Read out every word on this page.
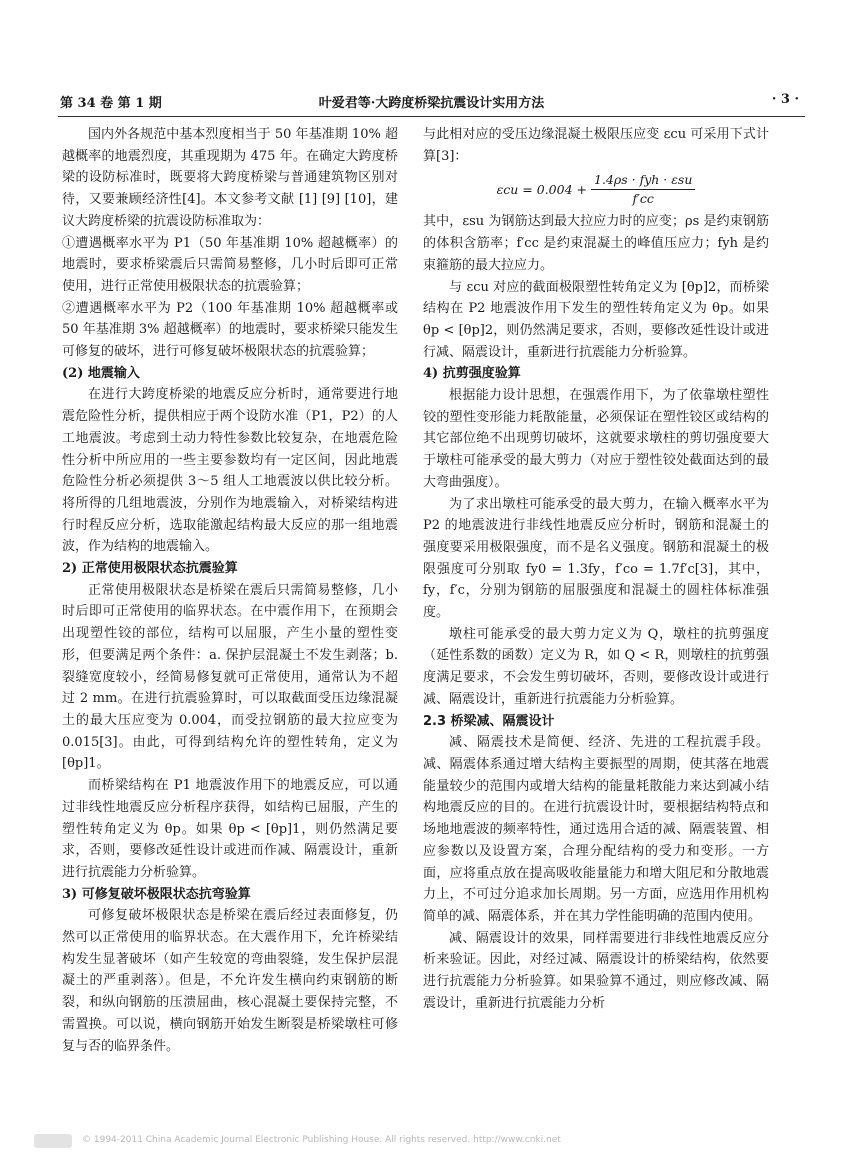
第 34 卷 第 1 期	叶爱君等·大跨度桥梁抗震设计实用方法	· 3 ·

国内外各规范中基本烈度相当于 50 年基准期 10% 超越概率的地震烈度，其重现期为 475 年。在确定大跨度桥梁的设防标准时，既要将大跨度桥梁与普通建筑物区别对待，又要兼顾经济性[4]。本文参考文献 [1] [9] [10]，建议大跨度桥梁的抗震设防标准取为：

①遭遇概率水平为 P1（50 年基准期 10% 超越概率）的地震时，要求桥梁震后只需简易整修，几小时后即可正常使用，进行正常使用极限状态的抗震验算；

②遭遇概率水平为 P2（100 年基准期 10% 超越概率或 50 年基准期 3% 超越概率）的地震时，要求桥梁只能发生可修复的破坏，进行可修复破坏极限状态的抗震验算；

(2) 地震输入

在进行大跨度桥梁的地震反应分析时，通常要进行地震危险性分析，提供相应于两个设防水准（P1，P2）的人工地震波。考虑到土动力特性参数比较复杂，在地震危险性分析中所应用的一些主要参数均有一定区间，因此地震危险性分析必须提供 3～5 组人工地震波以供比较分析。将所得的几组地震波，分别作为地震输入，对桥梁结构进行时程反应分析，选取能激起结构最大反应的那一组地震波，作为结构的地震输入。

2) 正常使用极限状态抗震验算

正常使用极限状态是桥梁在震后只需简易整修，几小时后即可正常使用的临界状态。在中震作用下，在预期会出现塑性铰的部位，结构可以屈服，产生小量的塑性变形，但要满足两个条件：a. 保护层混凝土不发生剥落；b. 裂缝宽度较小，经简易修复就可正常使用，通常认为不超过 2 mm。在进行抗震验算时，可以取截面受压边缘混凝土的最大压应变为 0.004，而受拉钢筋的最大拉应变为 0.015[3]。由此，可得到结构允许的塑性转角，定义为 [θp]1。

而桥梁结构在 P1 地震波作用下的地震反应，可以通过非线性地震反应分析程序获得，如结构已屈服，产生的塑性转角定义为 θp。如果 θp < [θp]1，则仍然满足要求，否则，要修改延性设计或进而作减、隔震设计，重新进行抗震能力分析验算。

3) 可修复破坏极限状态抗弯验算

可修复破坏极限状态是桥梁在震后经过表面修复，仍然可以正常使用的临界状态。在大震作用下，允许桥梁结构发生显著破坏（如产生较宽的弯曲裂缝，发生保护层混凝土的严重剥落）。但是，不允许发生横向约束钢筋的断裂，和纵向钢筋的压溃屈曲，核心混凝土要保持完整，不需置换。可以说，横向钢筋开始发生断裂是桥梁墩柱可修复与否的临界条件。

与此相对应的受压边缘混凝土极限压应变 εcu 可采用下式计算[3]：

$\varepsilon cu = 0.004 + \frac{\text{1.4ρs · fyh · εsu}}{f'cc}$

其中，εsu 为钢筋达到最大拉应力时的应变；ρs 是约束钢筋的体积含筋率；f′cc 是约束混凝土的峰值压应力；fyh 是约束箍筋的最大拉应力。

与 εcu 对应的截面极限塑性转角定义为 [θp]2，而桥梁结构在 P2 地震波作用下发生的塑性转角定义为 θp。如果 θp < [θp]2，则仍然满足要求，否则，要修改延性设计或进行减、隔震设计，重新进行抗震能力分析验算。

4) 抗剪强度验算

根据能力设计思想，在强震作用下，为了依靠墩柱塑性铰的塑性变形能力耗散能量，必须保证在塑性铰区或结构的其它部位绝不出现剪切破坏，这就要求墩柱的剪切强度要大于墩柱可能承受的最大剪力（对应于塑性铰处截面达到的最大弯曲强度）。

为了求出墩柱可能承受的最大剪力，在输入概率水平为 P2 的地震波进行非线性地震反应分析时，钢筋和混凝土的强度要采用极限强度，而不是名义强度。钢筋和混凝土的极限强度可分别取 fy0 = 1.3fy，f′co = 1.7f′c[3]，其中，fy，f′c，分别为钢筋的屈服强度和混凝土的圆柱体标准强度。

墩柱可能承受的最大剪力定义为 Q，墩柱的抗剪强度（延性系数的函数）定义为 R，如 Q < R，则墩柱的抗剪强度满足要求，不会发生剪切破坏，否则，要修改设计或进行减、隔震设计，重新进行抗震能力分析验算。

2.3 桥梁减、隔震设计

减、隔震技术是简便、经济、先进的工程抗震手段。减、隔震体系通过增大结构主要振型的周期，使其落在地震能量较少的范围内或增大结构的能量耗散能力来达到减小结构地震反应的目的。在进行抗震设计时，要根据结构特点和场地地震波的频率特性，通过选用合适的减、隔震装置、相应参数以及设置方案，合理分配结构的受力和变形。一方面，应将重点放在提高吸收能量能力和增大阻尼和分散地震力上，不可过分追求加长周期。另一方面，应选用作用机构简单的减、隔震体系，并在其力学性能明确的范围内使用。

减、隔震设计的效果，同样需要进行非线性地震反应分析来验证。因此，对经过减、隔震设计的桥梁结构，依然要进行抗震能力分析验算。如果验算不通过，则应修改减、隔震设计，重新进行抗震能力分析

© 1994-2011 China Academic Journal Electronic Publishing House. All rights reserved. http://www.cnki.net
